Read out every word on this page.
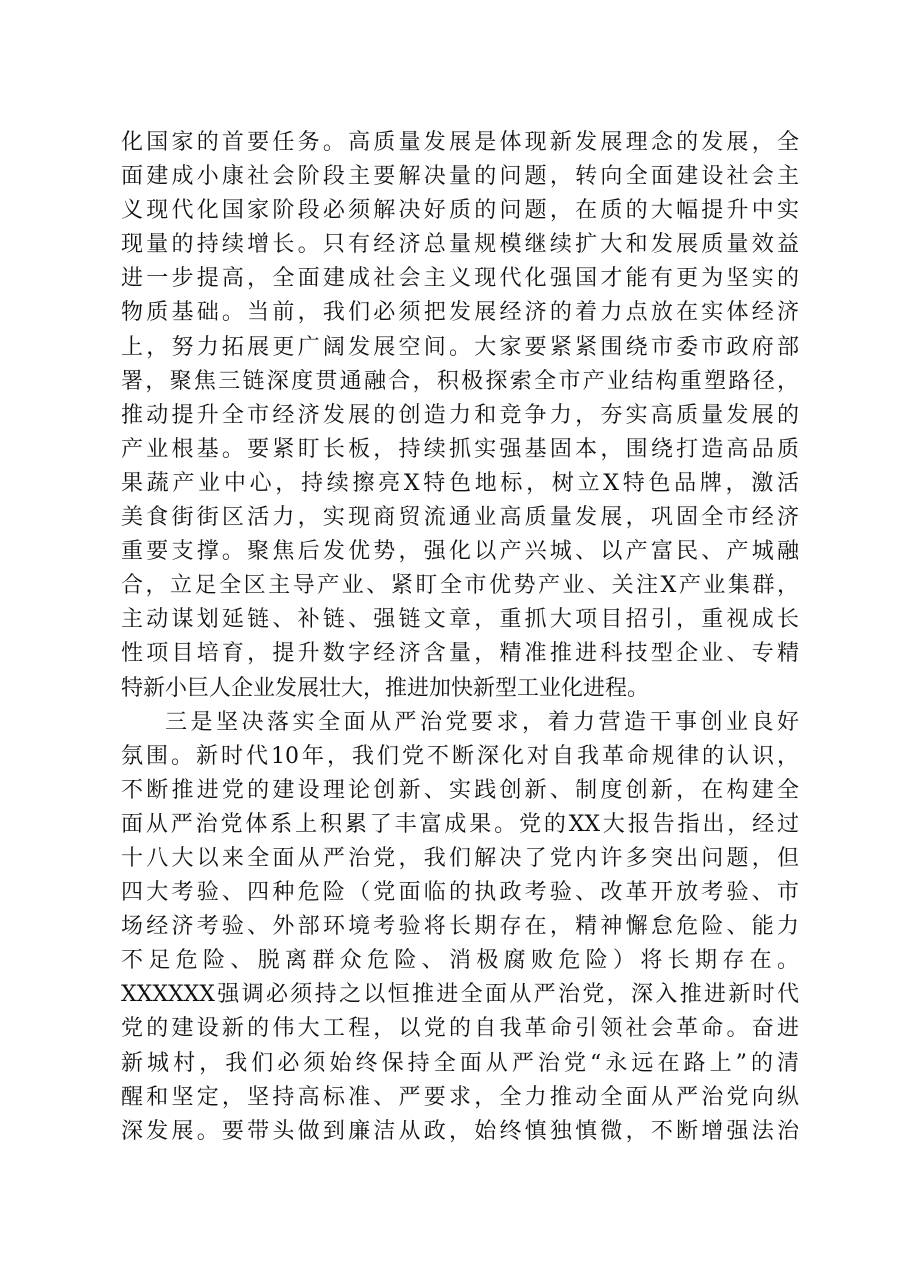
化国家的首要任务。高质量发展是体现新发展理念的发展，全
面建成小康社会阶段主要解决量的问题，转向全面建设社会主
义现代化国家阶段必须解决好质的问题，在质的大幅提升中实
现量的持续增长。只有经济总量规模继续扩大和发展质量效益
进一步提高，全面建成社会主义现代化强国才能有更为坚实的
物质基础。当前，我们必须把发展经济的着力点放在实体经济
上，努力拓展更广阔发展空间。大家要紧紧围绕市委市政府部
署，聚焦三链深度贯通融合，积极探索全市产业结构重塑路径，
推动提升全市经济发展的创造力和竞争力，夯实高质量发展的
产业根基。要紧盯长板，持续抓实强基固本，围绕打造高品质
果蔬产业中心，持续擦亮X特色地标，树立X特色品牌，激活
美食街街区活力，实现商贸流通业高质量发展，巩固全市经济
重要支撑。聚焦后发优势，强化以产兴城、以产富民、产城融
合，立足全区主导产业、紧盯全市优势产业、关注X产业集群，
主动谋划延链、补链、强链文章，重抓大项目招引，重视成长
性项目培育，提升数字经济含量，精准推进科技型企业、专精
特新小巨人企业发展壮大，推进加快新型工业化进程。
三是坚决落实全面从严治党要求，着力营造干事创业良好
氛围。新时代10年，我们党不断深化对自我革命规律的认识，
不断推进党的建设理论创新、实践创新、制度创新，在构建全
面从严治党体系上积累了丰富成果。党的XX大报告指出，经过
十八大以来全面从严治党，我们解决了党内许多突出问题，但
四大考验、四种危险（党面临的执政考验、改革开放考验、市
场经济考验、外部环境考验将长期存在，精神懈怠危险、能力
不足危险、脱离群众危险、消极腐败危险）将长期存在。
XXXXXX强调必须持之以恒推进全面从严治党，深入推进新时代
党的建设新的伟大工程，以党的自我革命引领社会革命。奋进
新城村，我们必须始终保持全面从严治党“永远在路上”的清
醒和坚定，坚持高标准、严要求，全力推动全面从严治党向纵
深发展。要带头做到廉洁从政，始终慎独慎微，不断增强法治
